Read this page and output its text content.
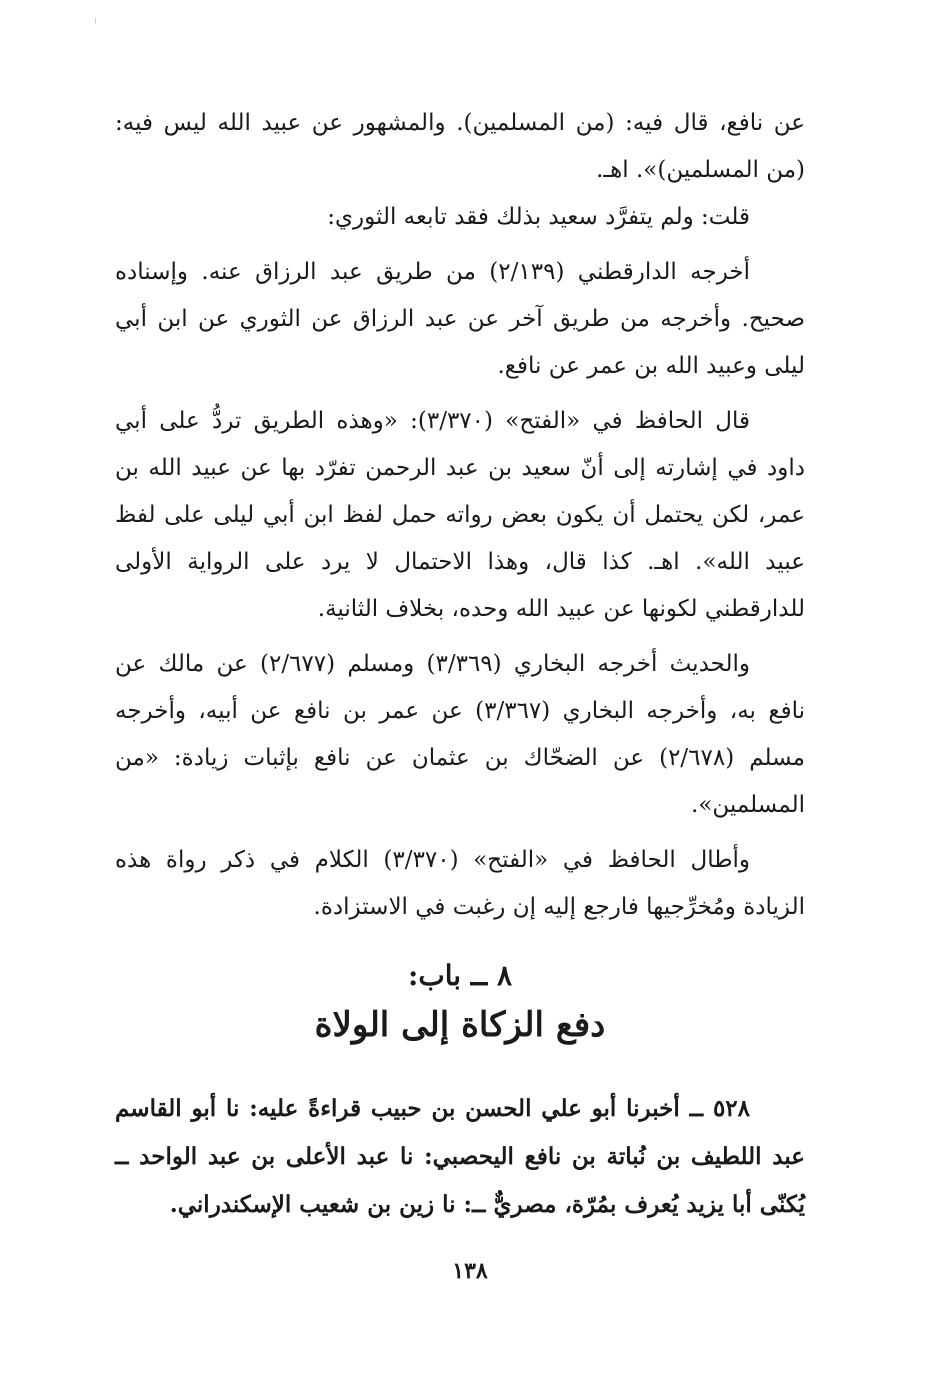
عن نافع، قال فيه: (من المسلمين). والمشهور عن عبيد الله ليس فيه: (من المسلمين)». اهـ.

قلت: ولم يتفرَّد سعيد بذلك فقد تابعه الثوري:

أخرجه الدارقطني (٢/١٣٩) من طريق عبد الرزاق عنه. وإسناده صحيح. وأخرجه من طريق آخر عن عبد الرزاق عن الثوري عن ابن أبي ليلى وعبيد الله بن عمر عن نافع.

قال الحافظ في «الفتح» (٣/٣٧٠): «وهذه الطريق تردُّ على أبي داود في إشارته إلى أنّ سعيد بن عبد الرحمن تفرّد بها عن عبيد الله بن عمر، لكن يحتمل أن يكون بعض رواته حمل لفظ ابن أبي ليلى على لفظ عبيد الله». اهـ. كذا قال، وهذا الاحتمال لا يرد على الرواية الأولى للدارقطني لكونها عن عبيد الله وحده، بخلاف الثانية.

والحديث أخرجه البخاري (٣/٣٦٩) ومسلم (٢/٦٧٧) عن مالك عن نافع به، وأخرجه البخاري (٣/٣٦٧) عن عمر بن نافع عن أبيه، وأخرجه مسلم (٢/٦٧٨) عن الضحّاك بن عثمان عن نافع بإثبات زيادة: «من المسلمين».

وأطال الحافظ في «الفتح» (٣/٣٧٠) الكلام في ذكر رواة هذه الزيادة ومُخرِّجيها فارجع إليه إن رغبت في الاستزادة.

٨ ــ باب:
دفع الزكاة إلى الولاة

٥٢٨ ــ أخبرنا أبو علي الحسن بن حبيب قراءةً عليه: نا أبو القاسم عبد اللطيف بن نُباتة بن نافع اليحصبي: نا عبد الأعلى بن عبد الواحد ــ يُكنّى أبا يزيد يُعرف بمُرّة، مصريٌّ ــ: نا زين بن شعيب الإسكندراني.

١٣٨
